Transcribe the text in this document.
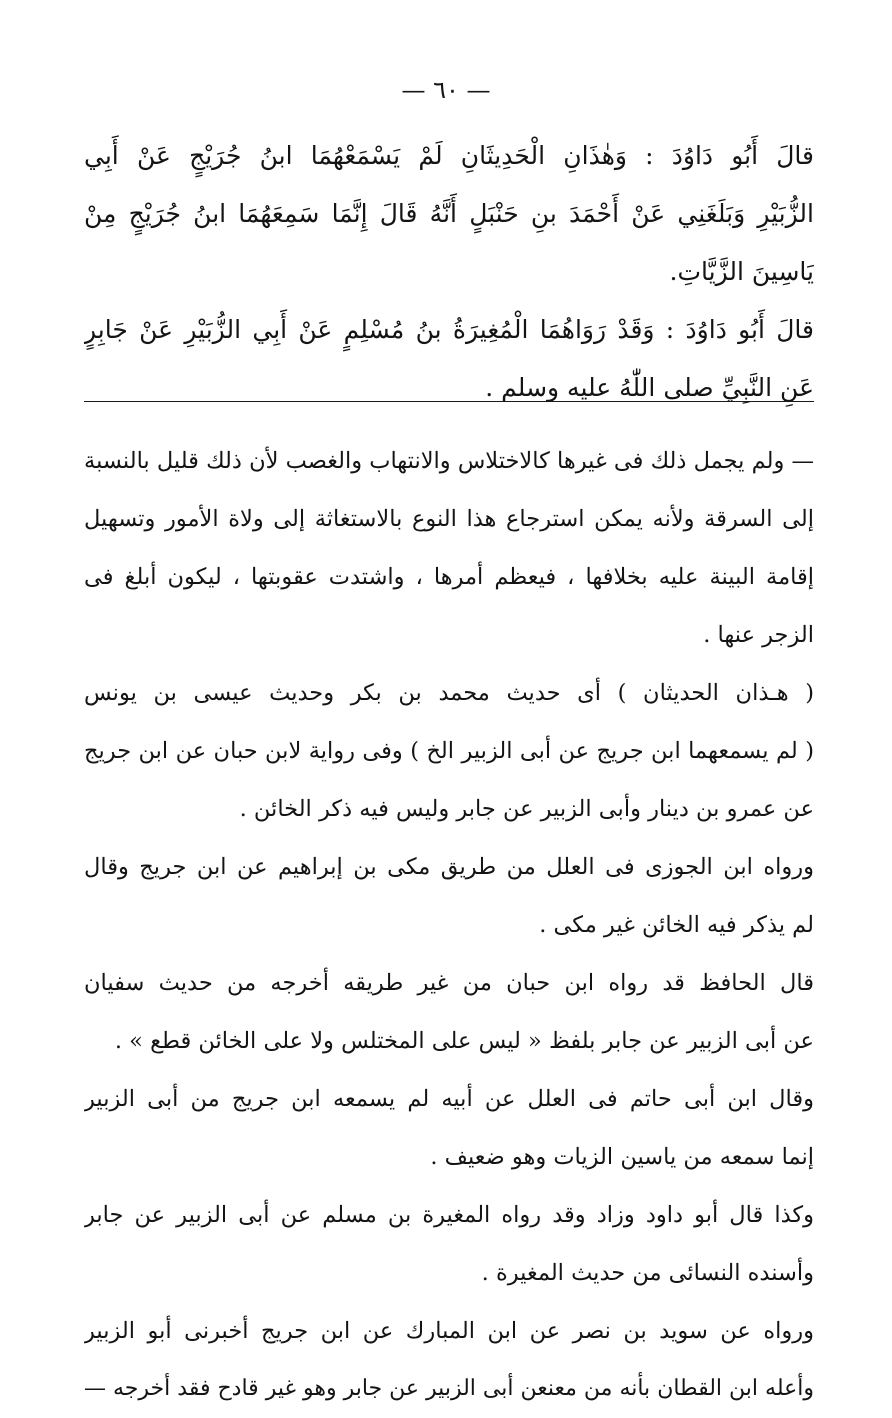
— ٦٠ —
قالَ أَبُو دَاوُدَ : وَهٰذَانِ الْحَدِيثَانِ لَمْ يَسْمَعْهُمَا ابنُ جُرَيْجٍ عَنْ أَبِي
الزُّبَيْرِ وَبَلَغَنِي عَنْ أَحْمَدَ بنِ حَنْبَلٍ أَنَّهُ قَالَ إِنَّمَا سَمِعَهُمَا ابنُ جُرَيْجٍ مِنْ
يَاسِينَ الزَّيَّاتِ.
قالَ أَبُو دَاوُدَ : وَقَدْ رَوَاهُمَا الْمُغِيرَةُ بنُ مُسْلِمٍ عَنْ أَبِي الزُّبَيْرِ عَنْ جَابِرٍ
عَنِ النَّبِيِّ صلى اللّٰهُ عليه وسلم .
— ولم يجمل ذلك فى غيرها كالاختلاس والانتهاب والغصب لأن ذلك قليل بالنسبة
إلى السرقة ولأنه يمكن استرجاع هذا النوع بالاستغاثة إلى ولاة الأمور وتسهيل
إقامة البينة عليه بخلافها ، فيعظم أمرها ، واشتدت عقوبتها ، ليكون أبلغ فى
الزجر عنها .
( هـذان الحديثان ) أى حديث محمد بن بكر وحديث عيسى بن يونس
( لم يسمعهما ابن جريج عن أبى الزبير الخ ) وفى رواية لابن حبان عن ابن جريج
عن عمرو بن دينار وأبى الزبير عن جابر وليس فيه ذكر الخائن .
ورواه ابن الجوزى فى العلل من طريق مكى بن إبراهيم عن ابن جريج وقال
لم يذكر فيه الخائن غير مكى .
قال الحافظ قد رواه ابن حبان من غير طريقه أخرجه من حديث سفيان
عن أبى الزبير عن جابر بلفظ « ليس على المختلس ولا على الخائن قطع » .
وقال ابن أبى حاتم فى العلل عن أبيه لم يسمعه ابن جريج من أبى الزبير
إنما سمعه من ياسين الزيات وهو ضعيف .
وكذا قال أبو داود وزاد وقد رواه المغيرة بن مسلم عن أبى الزبير عن جابر
وأسنده النسائى من حديث المغيرة .
ورواه عن سويد بن نصر عن ابن المبارك عن ابن جريج أخبرنى أبو الزبير
وأعله ابن القطان بأنه من معنعن أبى الزبير عن جابر وهو غير قادح فقد أخرجه —
